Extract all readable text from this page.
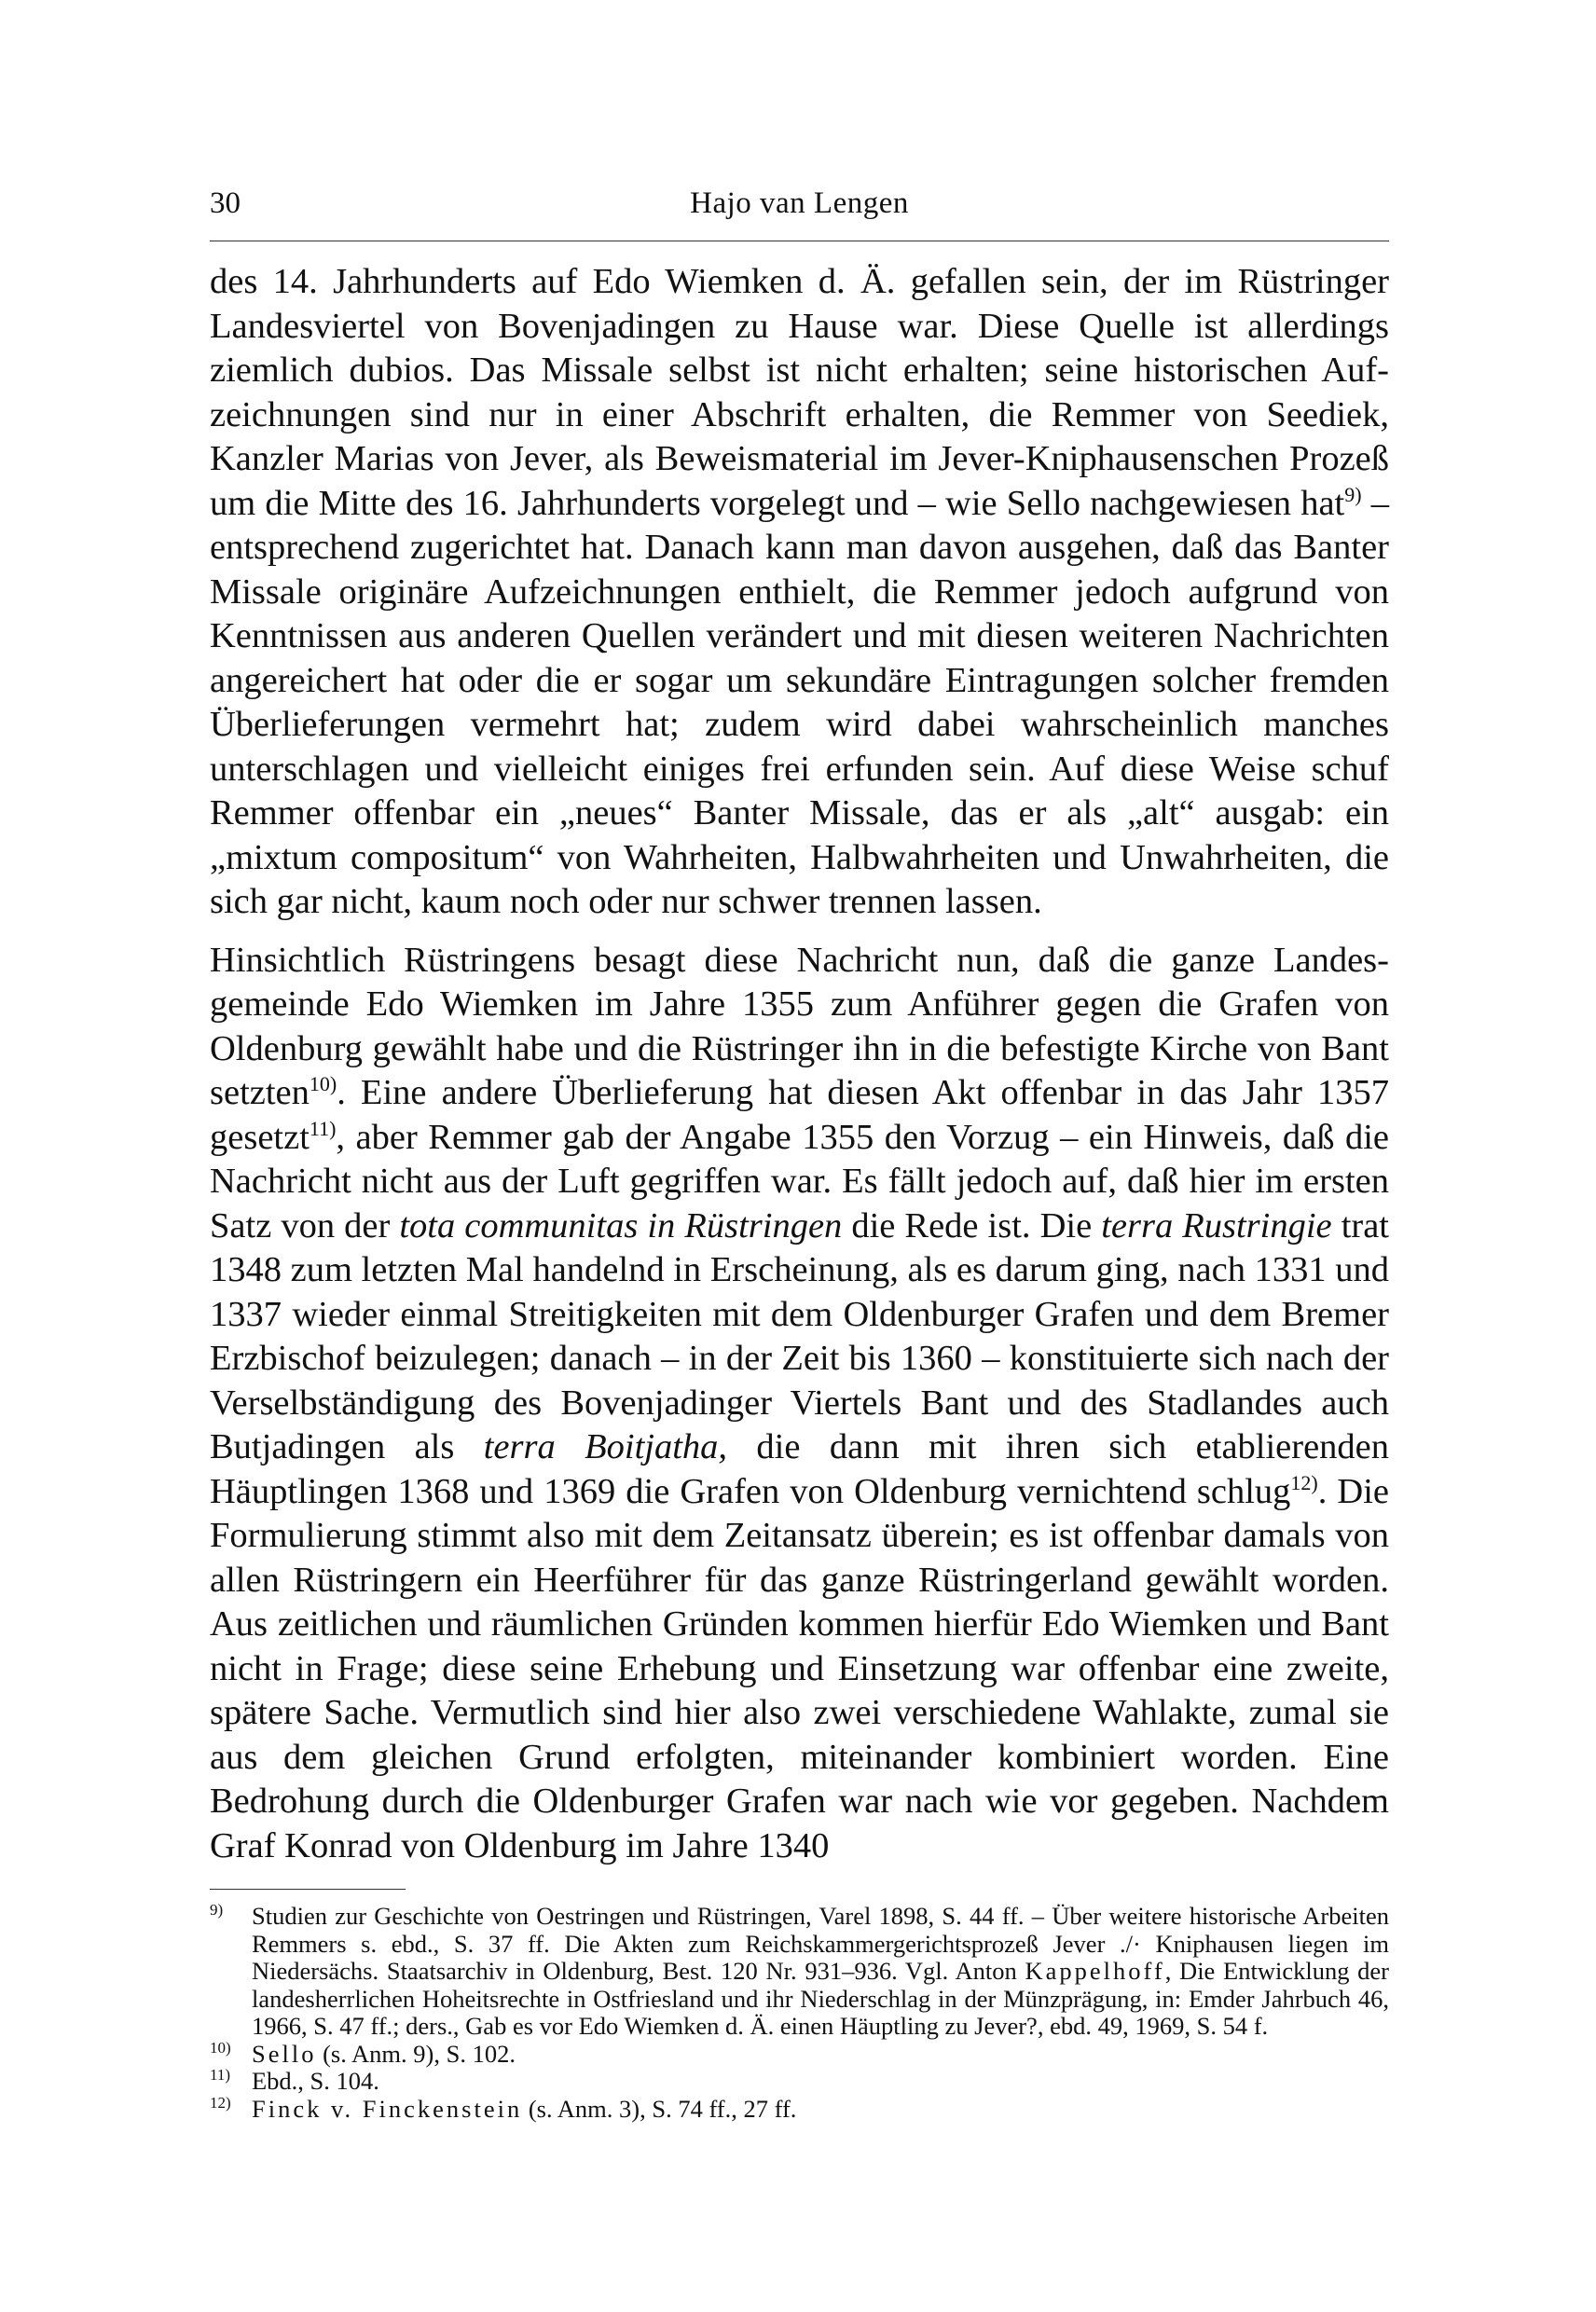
30	Hajo van Lengen

des 14. Jahrhunderts auf Edo Wiemken d. Ä. gefallen sein, der im Rüstringer Landesviertel von Bovenjadingen zu Hause war. Diese Quelle ist allerdings ziemlich dubios. Das Missale selbst ist nicht erhalten; seine historischen Aufzeichnungen sind nur in einer Abschrift erhalten, die Remmer von Seediek, Kanzler Marias von Jever, als Beweismaterial im Jever-Kniphausenschen Prozeß um die Mitte des 16. Jahrhunderts vorgelegt und – wie Sello nachgewiesen hat$^{9)}$ – entsprechend zugerichtet hat. Danach kann man davon ausgehen, daß das Banter Missale originäre Aufzeichnungen enthielt, die Remmer jedoch aufgrund von Kenntnissen aus anderen Quellen verändert und mit diesen weiteren Nachrichten angereichert hat oder die er sogar um sekundäre Eintragungen solcher fremden Überlieferungen vermehrt hat; zudem wird dabei wahrscheinlich manches unterschlagen und vielleicht einiges frei erfunden sein. Auf diese Weise schuf Remmer offenbar ein „neues“ Banter Missale, das er als „alt“ ausgab: ein „mixtum compositum“ von Wahrheiten, Halbwahrheiten und Unwahrheiten, die sich gar nicht, kaum noch oder nur schwer trennen lassen.

Hinsichtlich Rüstringens besagt diese Nachricht nun, daß die ganze Landesgemeinde Edo Wiemken im Jahre 1355 zum Anführer gegen die Grafen von Oldenburg gewählt habe und die Rüstringer ihn in die befestigte Kirche von Bant setzten$^{10)}$. Eine andere Überlieferung hat diesen Akt offenbar in das Jahr 1357 gesetzt$^{11)}$, aber Remmer gab der Angabe 1355 den Vorzug – ein Hinweis, daß die Nachricht nicht aus der Luft gegriffen war. Es fällt jedoch auf, daß hier im ersten Satz von der tota communitas in Rüstringen die Rede ist. Die terra Rustringie trat 1348 zum letzten Mal handelnd in Erscheinung, als es darum ging, nach 1331 und 1337 wieder einmal Streitigkeiten mit dem Oldenburger Grafen und dem Bremer Erzbischof beizulegen; danach – in der Zeit bis 1360 – konstituierte sich nach der Verselbständigung des Bovenjadinger Viertels Bant und des Stadlandes auch Butjadingen als terra Boitjatha, die dann mit ihren sich etablierenden Häuptlingen 1368 und 1369 die Grafen von Oldenburg vernichtend schlug$^{12)}$. Die Formulierung stimmt also mit dem Zeitansatz überein; es ist offenbar damals von allen Rüstringern ein Heerführer für das ganze Rüstringerland gewählt worden. Aus zeitlichen und räumlichen Gründen kommen hierfür Edo Wiemken und Bant nicht in Frage; diese seine Erhebung und Einsetzung war offenbar eine zweite, spätere Sache. Vermutlich sind hier also zwei verschiedene Wahlakte, zumal sie aus dem gleichen Grund erfolgten, miteinander kombiniert worden. Eine Bedrohung durch die Oldenburger Grafen war nach wie vor gegeben. Nachdem Graf Konrad von Oldenburg im Jahre 1340

$^{9)}$	Studien zur Geschichte von Oestringen und Rüstringen, Varel 1898, S. 44 ff. – Über weitere historische Arbeiten Remmers s. ebd., S. 37 ff. Die Akten zum Reichskammergerichtsprozeß Jever ./· Kniphausen liegen im Niedersächs. Staatsarchiv in Oldenburg, Best. 120 Nr. 931–936. Vgl. Anton Kappelhoff, Die Entwicklung der landesherrlichen Hoheitsrechte in Ostfriesland und ihr Niederschlag in der Münzprägung, in: Emder Jahrbuch 46, 1966, S. 47 ff.; ders., Gab es vor Edo Wiemken d. Ä. einen Häuptling zu Jever?, ebd. 49, 1969, S. 54 f.
$^{10)}$ Sello (s. Anm. 9), S. 102.
$^{11)}$ Ebd., S. 104.
$^{12)}$ Finck v. Finckenstein (s. Anm. 3), S. 74 ff., 27 ff.
